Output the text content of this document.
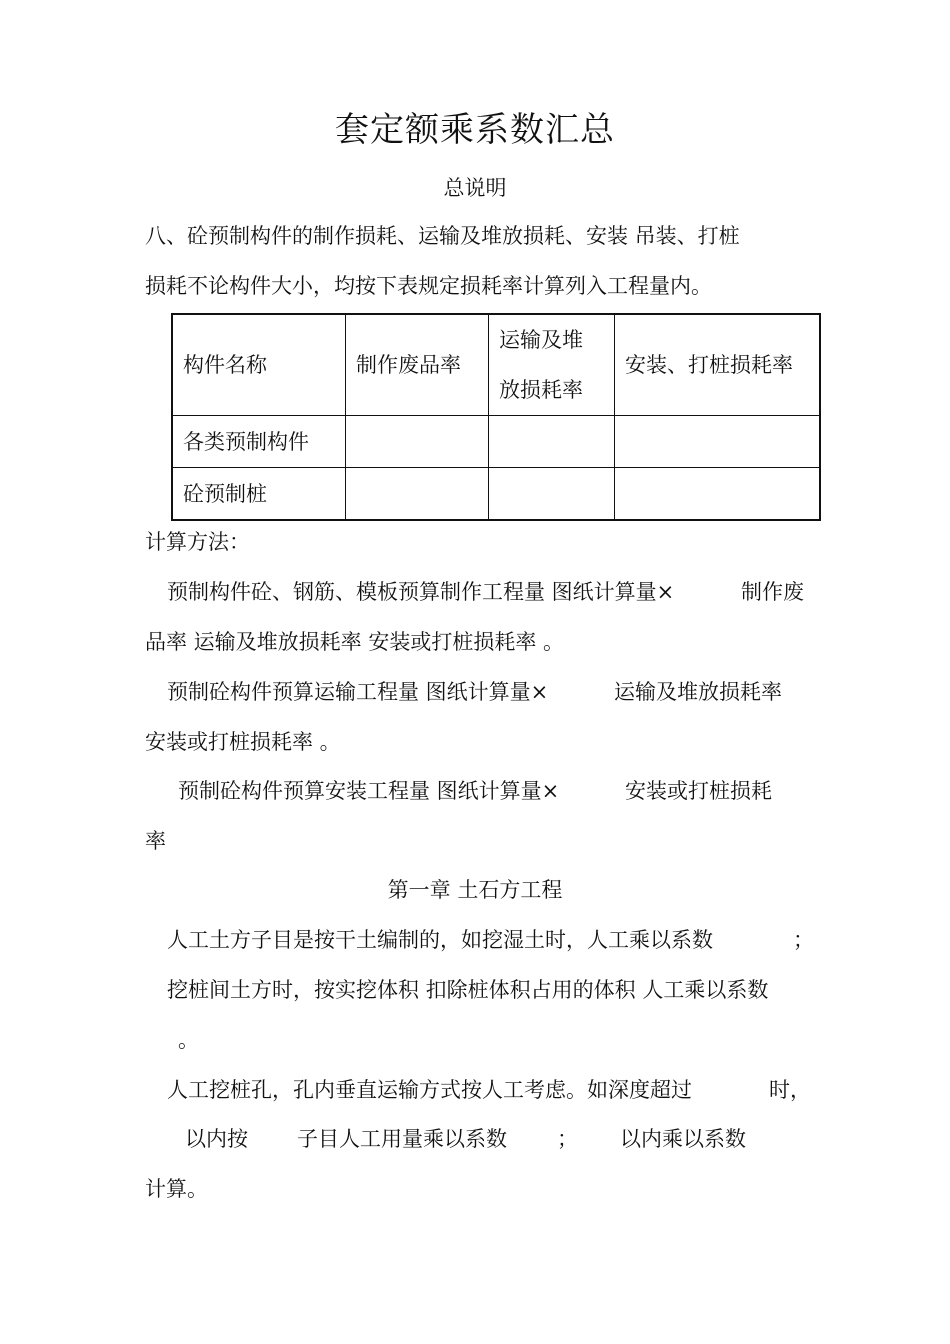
套定额乘系数汇总
总说明
八、砼预制构件的制作损耗、运输及堆放损耗、安装 吊装、打桩
损耗不论构件大小，均按下表规定损耗率计算列入工程量内。
构件名称	制作废品率	运输及堆放损耗率	安装、打桩损耗率
各类预制构件			
砼预制桩			
计算方法：
预制构件砼、钢筋、模板预算制作工程量 图纸计算量×	制作废
品率 运输及堆放损耗率 安装或打桩损耗率 。
预制砼构件预算运输工程量 图纸计算量×	运输及堆放损耗率
安装或打桩损耗率 。
预制砼构件预算安装工程量 图纸计算量×	安装或打桩损耗
率
第一章 土石方工程
人工土方子目是按干土编制的，如挖湿土时，人工乘以系数	；
挖桩间土方时，按实挖体积 扣除桩体积占用的体积 人工乘以系数
。
人工挖桩孔，孔内垂直运输方式按人工考虑。如深度超过	时，
以内按 子目人工用量乘以系数 ； 以内乘以系数
计算。
